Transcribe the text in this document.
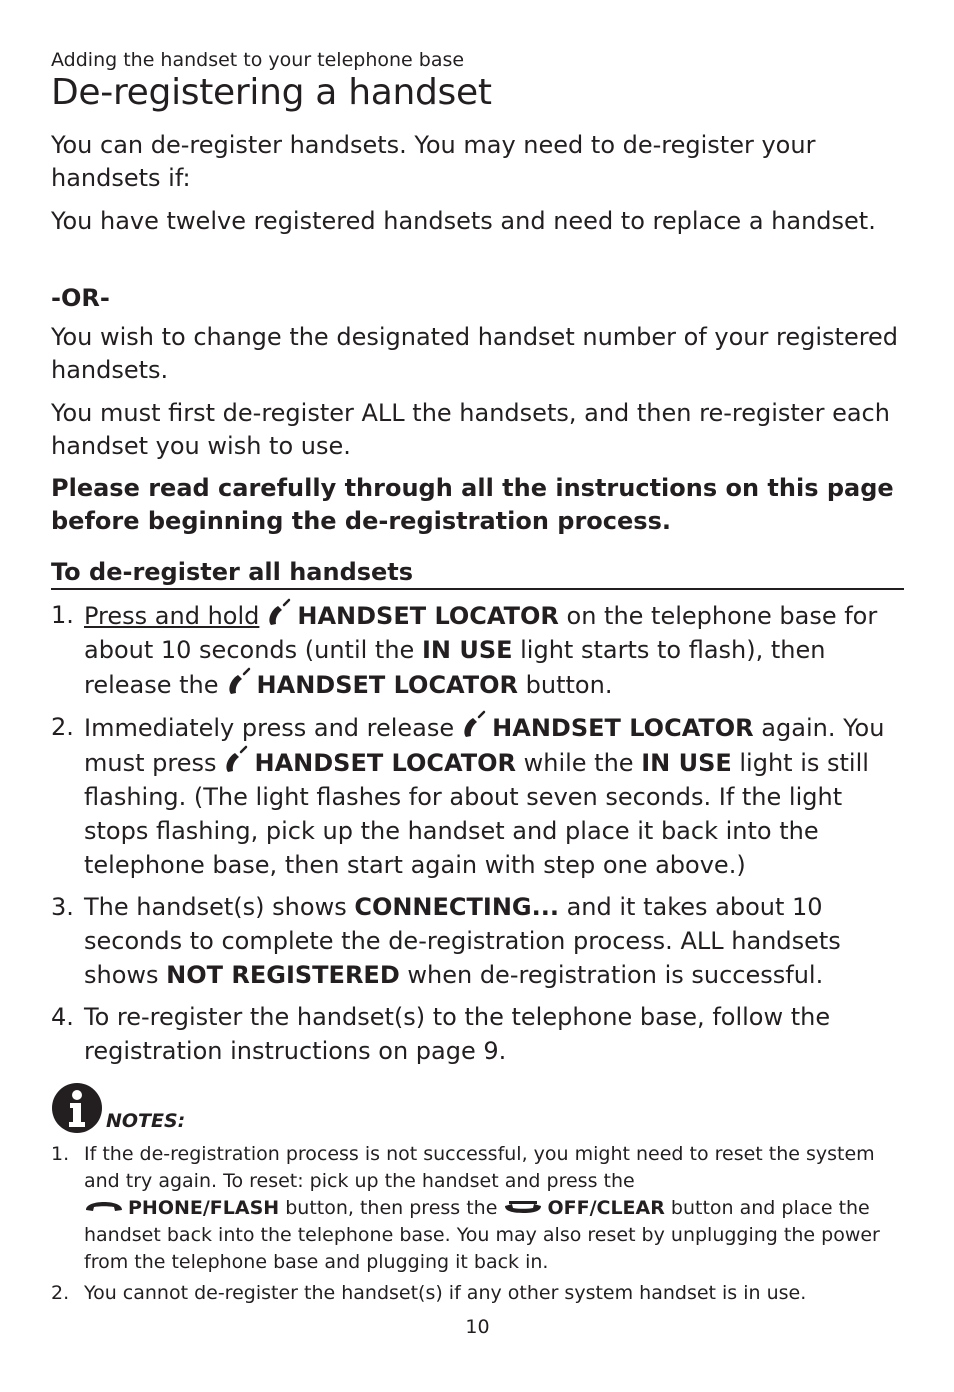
Adding the handset to your telephone base
De-registering a handset

You can de-register handsets. You may need to de-register your handsets if:

You have twelve registered handsets and need to replace a handset.

-OR-

You wish to change the designated handset number of your registered handsets.

You must first de-register ALL the handsets, and then re-register each handset you wish to use.

Please read carefully through all the instructions on this page before beginning the de-registration process.

To de-register all handsets
1. Press and hold HANDSET LOCATOR on the telephone base for about 10 seconds (until the IN USE light starts to flash), then release the HANDSET LOCATOR button.
2. Immediately press and release HANDSET LOCATOR again. You must press HANDSET LOCATOR while the IN USE light is still flashing. (The light flashes for about seven seconds. If the light stops flashing, pick up the handset and place it back into the telephone base, then start again with step one above.)
3. The handset(s) shows CONNECTING... and it takes about 10 seconds to complete the de-registration process. ALL handsets shows NOT REGISTERED when de-registration is successful.
4. To re-register the handset(s) to the telephone base, follow the registration instructions on page 9.
NOTES:
1. If the de-registration process is not successful, you might need to reset the system and try again. To reset: pick up the handset and press the
PHONE/FLASH button, then press the OFF/CLEAR button and place the handset back into the telephone base. You may also reset by unplugging the power from the telephone base and plugging it back in.
2. You cannot de-register the handset(s) if any other system handset is in use.
10
